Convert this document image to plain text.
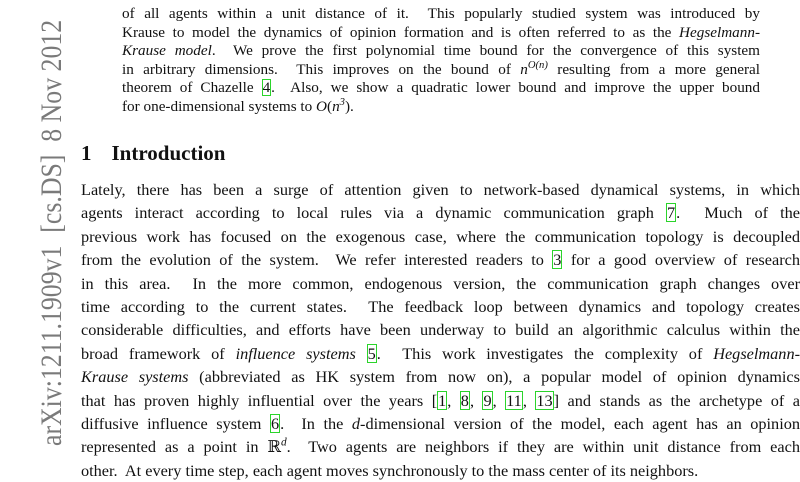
arXiv:1211.1909v1  [cs.DS]  8 Nov 2012
of all agents within a unit distance of it.  This popularly studied system was introduced by
Krause to model the dynamics of opinion formation and is often referred to as the Hegselmann-
Krause model.  We prove the first polynomial time bound for the convergence of this system
in arbitrary dimensions.  This improves on the bound of $n^{O(n)}$ resulting from a more general
theorem of Chazelle 4.  Also, we show a quadratic lower bound and improve the upper bound
for one-dimensional systems to $O(n^3)$.
1 Introduction
Lately, there has been a surge of attention given to network-based dynamical systems, in which
agents interact according to local rules via a dynamic communication graph 7.  Much of the
previous work has focused on the exogenous case, where the communication topology is decoupled
from the evolution of the system.  We refer interested readers to 3 for a good overview of research
in this area.  In the more common, endogenous version, the communication graph changes over
time according to the current states.  The feedback loop between dynamics and topology creates
considerable difficulties, and efforts have been underway to build an algorithmic calculus within the
broad framework of influence systems 5.  This work investigates the complexity of Hegselmann-
Krause systems (abbreviated as HK system from now on), a popular model of opinion dynamics
that has proven highly influential over the years [1, 8, 9, 11, 13] and stands as the archetype of a
diffusive influence system 6.  In the d-dimensional version of the model, each agent has an opinion
represented as a point in ℝ$^d$.  Two agents are neighbors if they are within unit distance from each
other.  At every time step, each agent moves synchronously to the mass center of its neighbors.
